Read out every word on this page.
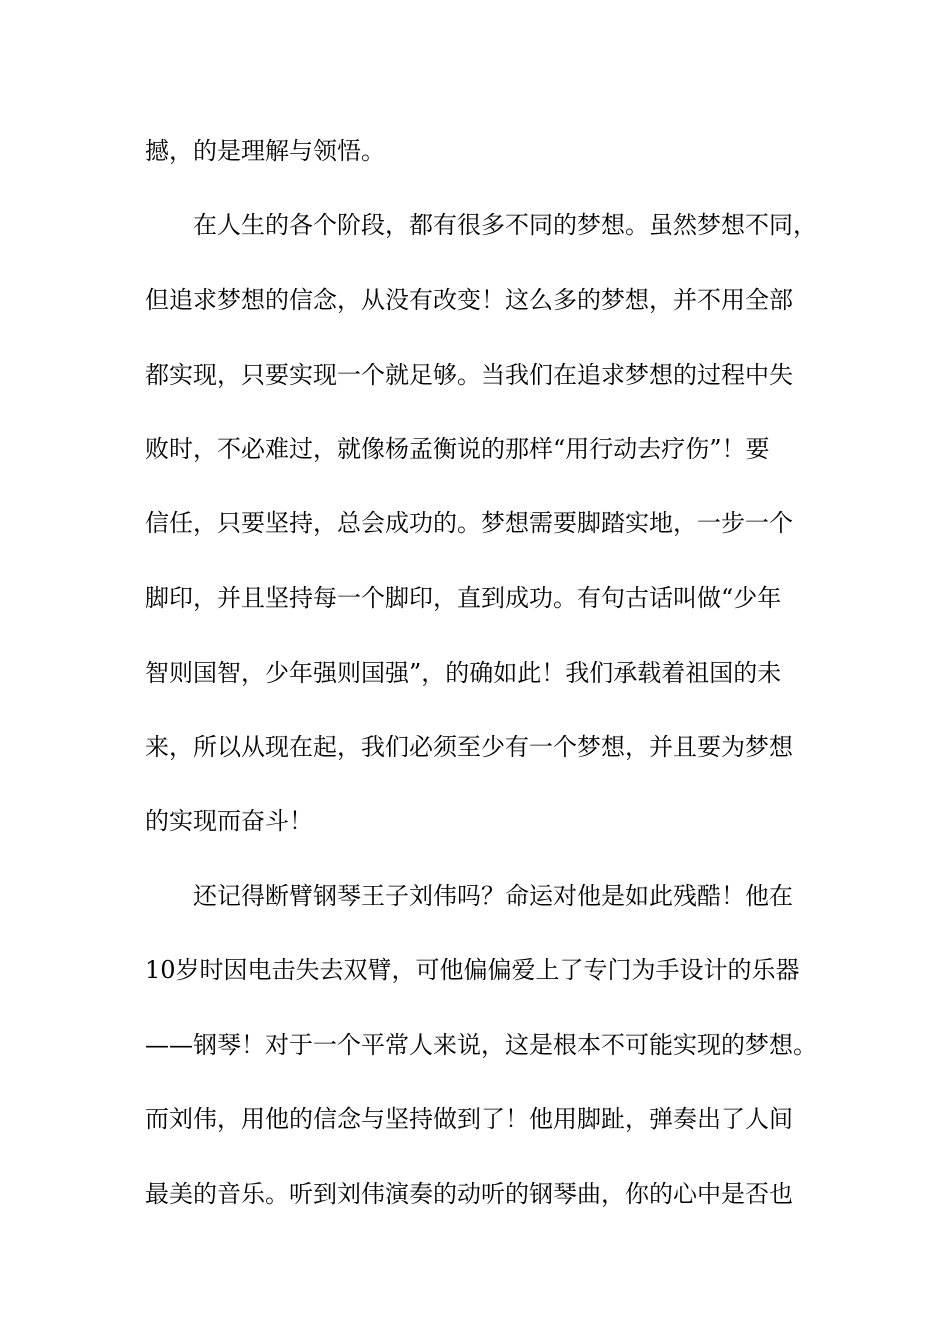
撼，的是理解与领悟。
在人生的各个阶段，都有很多不同的梦想。虽然梦想不同，
但追求梦想的信念，从没有改变！这么多的梦想，并不用全部
都实现，只要实现一个就足够。当我们在追求梦想的过程中失
败时，不必难过，就像杨孟衡说的那样“用行动去疗伤”！要
信任，只要坚持，总会成功的。梦想需要脚踏实地，一步一个
脚印，并且坚持每一个脚印，直到成功。有句古话叫做“少年
智则国智，少年强则国强”，的确如此！我们承载着祖国的未
来，所以从现在起，我们必须至少有一个梦想，并且要为梦想
的实现而奋斗！
还记得断臂钢琴王子刘伟吗？命运对他是如此残酷！他在
10岁时因电击失去双臂，可他偏偏爱上了专门为手设计的乐器
——钢琴！对于一个平常人来说，这是根本不可能实现的梦想。
而刘伟，用他的信念与坚持做到了！他用脚趾，弹奏出了人间
最美的音乐。听到刘伟演奏的动听的钢琴曲，你的心中是否也
